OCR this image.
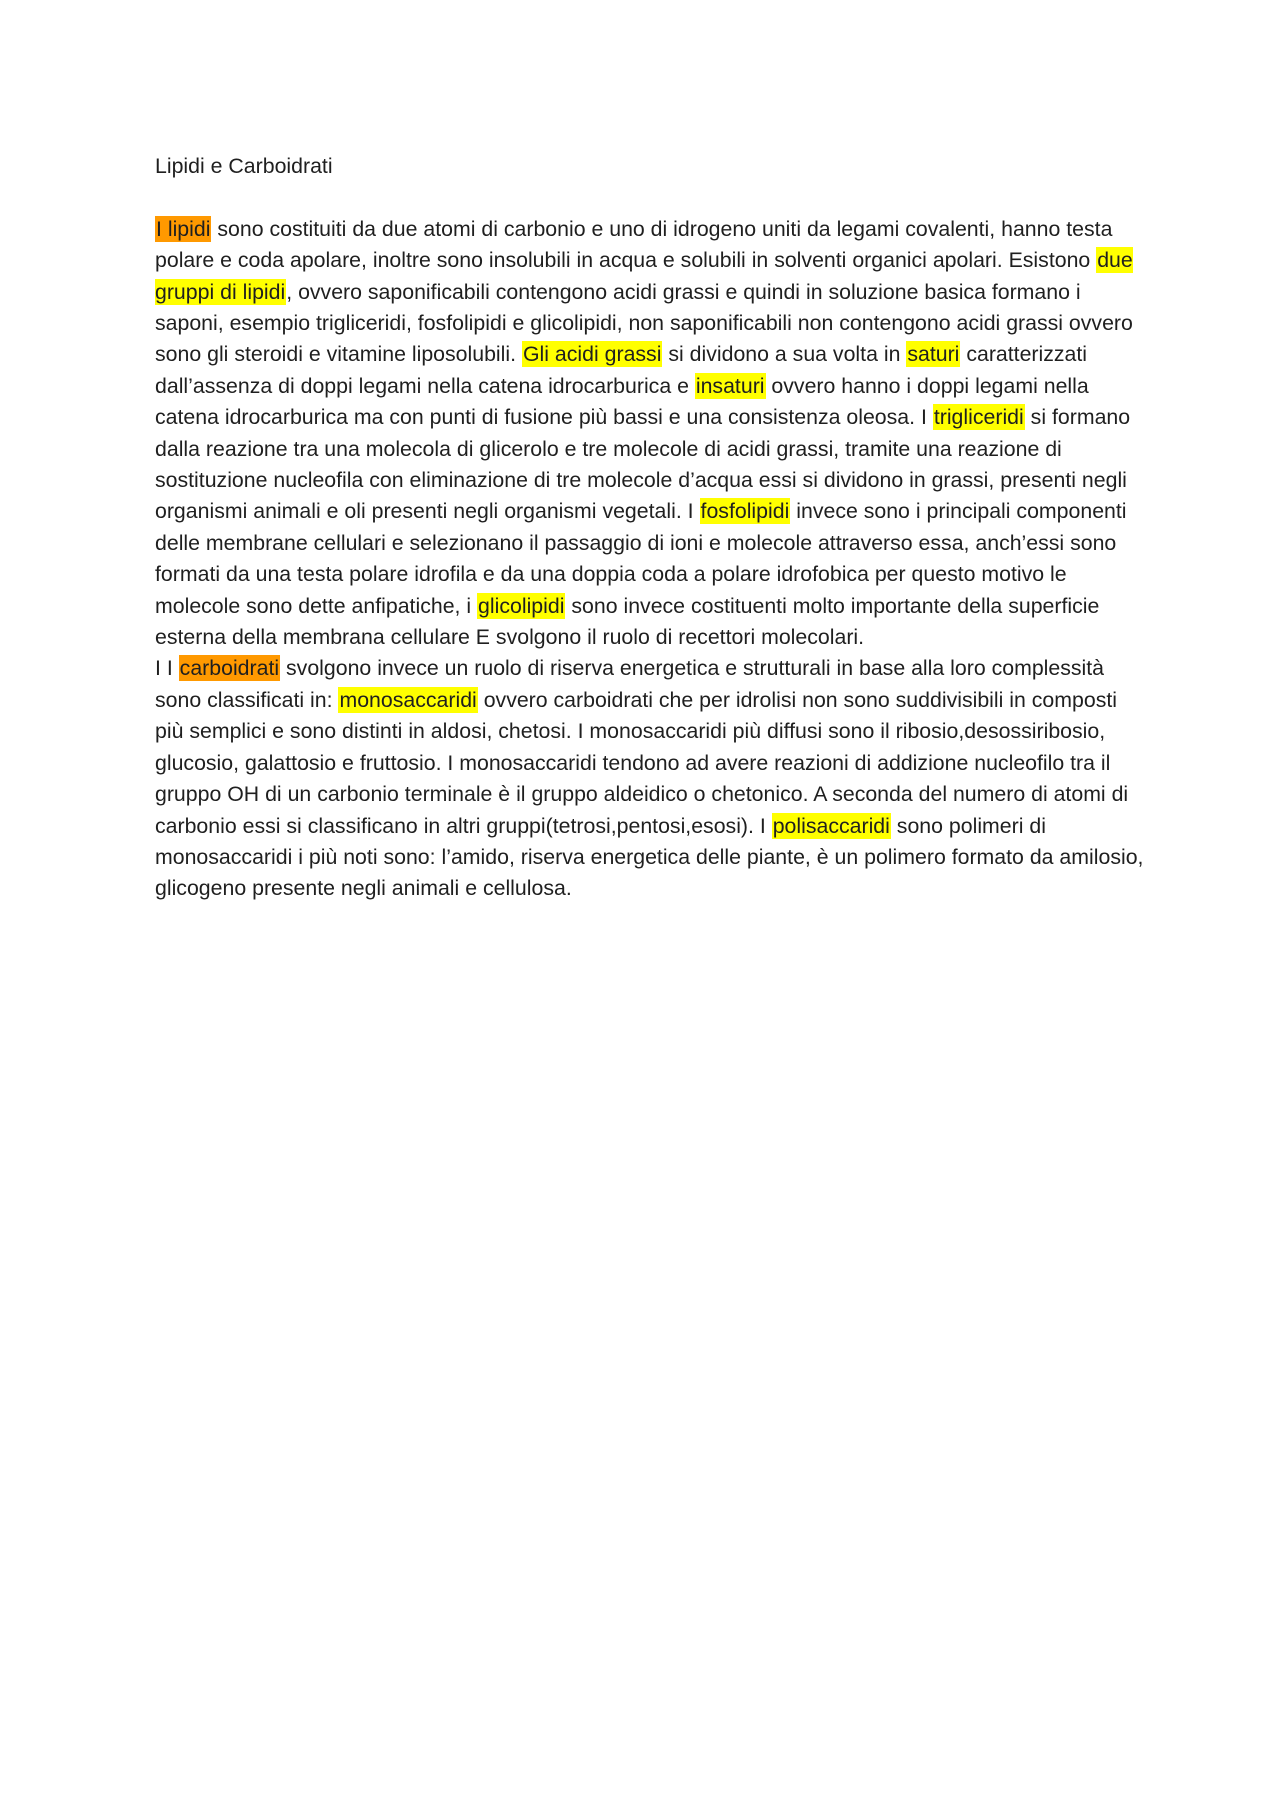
Lipidi e Carboidrati

I lipidi sono costituiti da due atomi di carbonio e uno di idrogeno uniti da legami covalenti, hanno testa polare e coda apolare, inoltre sono insolubili in acqua e solubili in solventi organici apolari. Esistono due gruppi di lipidi, ovvero saponificabili contengono acidi grassi e quindi in soluzione basica formano i saponi, esempio trigliceridi, fosfolipidi e glicolipidi, non saponificabili non contengono acidi grassi ovvero sono gli steroidi e vitamine liposolubili. Gli acidi grassi si dividono a sua volta in saturi caratterizzati dall’assenza di doppi legami nella catena idrocarburica e insaturi ovvero hanno i doppi legami nella catena idrocarburica ma con punti di fusione più bassi e una consistenza oleosa. I trigliceridi si formano dalla reazione tra una molecola di glicerolo e tre molecole di acidi grassi, tramite una reazione di sostituzione nucleofila con eliminazione di tre molecole d’acqua essi si dividono in grassi, presenti negli organismi animali e oli presenti negli organismi vegetali. I fosfolipidi invece sono i principali componenti delle membrane cellulari e selezionano il passaggio di ioni e molecole attraverso essa, anch’essi sono formati da una testa polare idrofila e da una doppia coda a polare idrofobica per questo motivo le molecole sono dette anfipatiche, i glicolipidi sono invece costituenti molto importante della superficie esterna della membrana cellulare E svolgono il ruolo di recettori molecolari.

I I carboidrati svolgono invece un ruolo di riserva energetica e strutturali in base alla loro complessità sono classificati in: monosaccaridi ovvero carboidrati che per idrolisi non sono suddivisibili in composti più semplici e sono distinti in aldosi, chetosi. I monosaccaridi più diffusi sono il ribosio,desossiribosio, glucosio, galattosio e fruttosio. I monosaccaridi tendono ad avere reazioni di addizione nucleofilo tra il gruppo OH di un carbonio terminale è il gruppo aldeidico o chetonico. A seconda del numero di atomi di carbonio essi si classificano in altri gruppi(tetrosi,pentosi,esosi). I polisaccaridi sono polimeri di monosaccaridi i più noti sono: l’amido, riserva energetica delle piante, è un polimero formato da amilosio, glicogeno presente negli animali e cellulosa.
